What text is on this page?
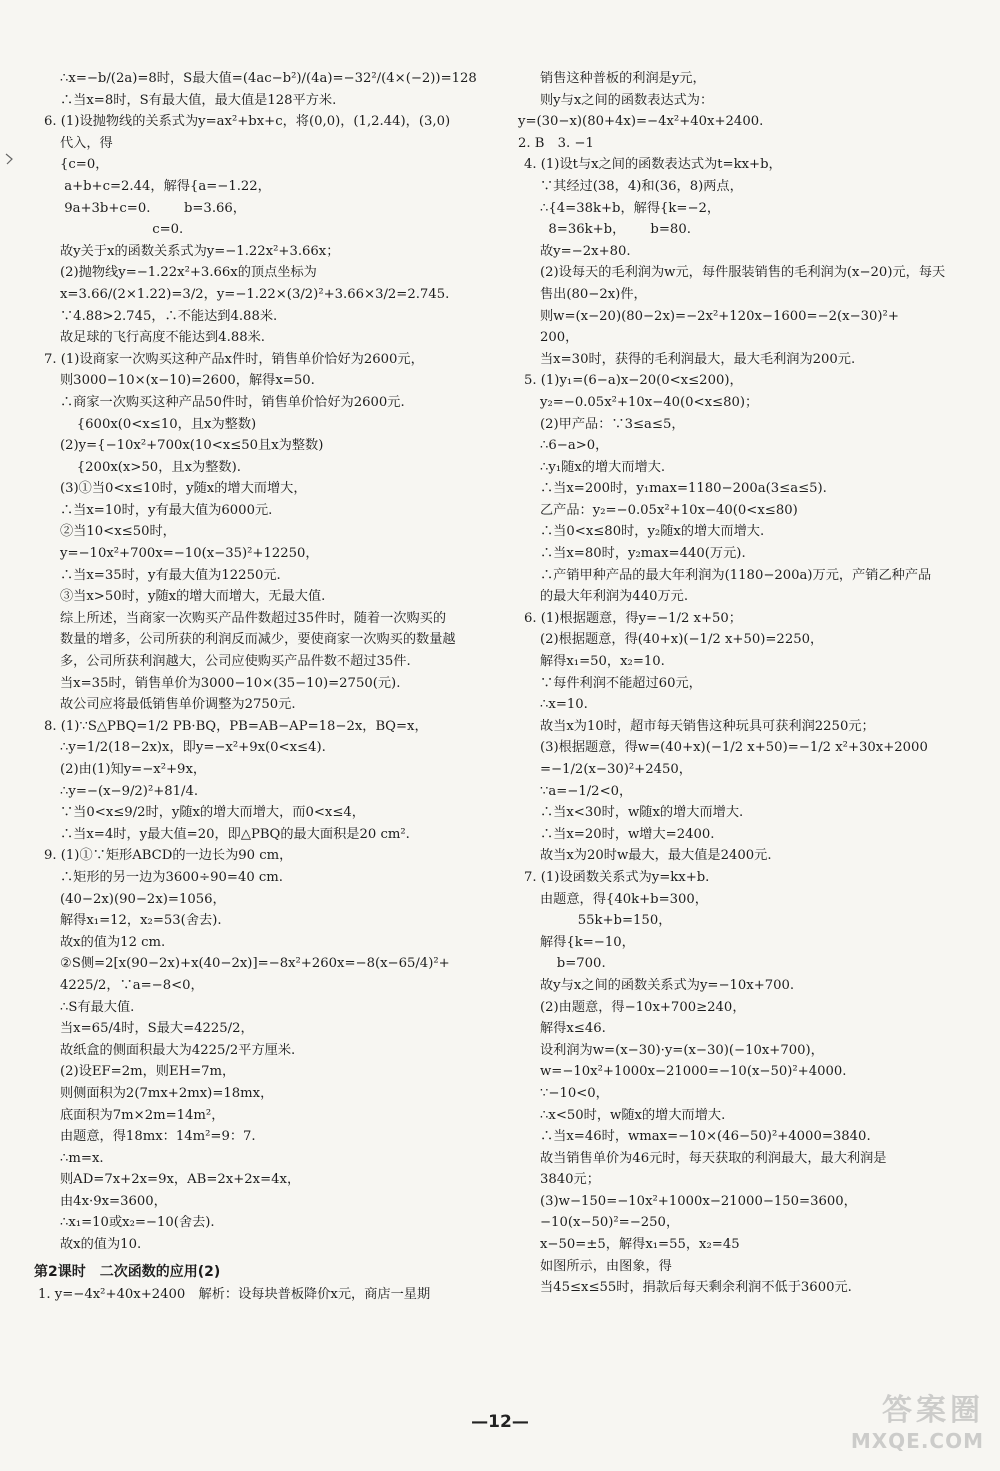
∴x=−b/(2a)=8时，S最大值=(4ac−b²)/(4a)=−32²/(4×(−2))=128
∴当x=8时，S有最大值，最大值是128平方米.
6. (1)设抛物线的关系式为y=ax²+bx+c，将(0,0)，(1,2.44)，(3,0)
代入，得
{c=0，
a+b+c=2.44，解得{a=−1.22，
9a+3b+c=0.        b=3.66，
c=0.
故y关于x的函数关系式为y=−1.22x²+3.66x；
(2)抛物线y=−1.22x²+3.66x的顶点坐标为
x=3.66/(2×1.22)=3/2，y=−1.22×(3/2)²+3.66×3/2=2.745.
∵4.88>2.745，∴不能达到4.88米.
故足球的飞行高度不能达到4.88米.
7. (1)设商家一次购买这种产品x件时，销售单价恰好为2600元，
则3000−10×(x−10)=2600，解得x=50.
∴商家一次购买这种产品50件时，销售单价恰好为2600元.
{600x(0<x≤10，且x为整数)
(2)y={−10x²+700x(10<x≤50且x为整数)
{200x(x>50，且x为整数).
(3)①当0<x≤10时，y随x的增大而增大，
∴当x=10时，y有最大值为6000元.
②当10<x≤50时，
y=−10x²+700x=−10(x−35)²+12250，
∴当x=35时，y有最大值为12250元.
③当x>50时，y随x的增大而增大，无最大值.
综上所述，当商家一次购买产品件数超过35件时，随着一次购买的
数量的增多，公司所获的利润反而减少，要使商家一次购买的数量越
多，公司所获利润越大，公司应使购买产品件数不超过35件.
当x=35时，销售单价为3000−10×(35−10)=2750(元).
故公司应将最低销售单价调整为2750元.
8. (1)∵S△PBQ=1/2 PB·BQ，PB=AB−AP=18−2x，BQ=x，
∴y=1/2(18−2x)x，即y=−x²+9x(0<x≤4).
(2)由(1)知y=−x²+9x，
∴y=−(x−9/2)²+81/4.
∵当0<x≤9/2时，y随x的增大而增大，而0<x≤4，
∴当x=4时，y最大值=20，即△PBQ的最大面积是20 cm².
9. (1)①∵矩形ABCD的一边长为90 cm，
∴矩形的另一边为3600÷90=40 cm.
(40−2x)(90−2x)=1056，
解得x₁=12，x₂=53(舍去).
故x的值为12 cm.
②S侧=2[x(90−2x)+x(40−2x)]=−8x²+260x=−8(x−65/4)²+
4225/2，∵a=−8<0，
∴S有最大值.
当x=65/4时，S最大=4225/2，
故纸盒的侧面积最大为4225/2平方厘米.
(2)设EF=2m，则EH=7m，
则侧面积为2(7mx+2mx)=18mx，
底面积为7m×2m=14m²，
由题意，得18mx：14m²=9：7.
∴m=x.
则AD=7x+2x=9x，AB=2x+2x=4x，
由4x·9x=3600，
∴x₁=10或x₂=−10(舍去).
故x的值为10.
第2课时　二次函数的应用(2)
1. y=−4x²+40x+2400　解析：设每块普板降价x元，商店一星期
销售这种普板的利润是y元，
则y与x之间的函数表达式为：
y=(30−x)(80+4x)=−4x²+40x+2400.
2. B　3. −1
4. (1)设t与x之间的函数表达式为t=kx+b，
∵其经过(38，4)和(36，8)两点，
∴{4=38k+b，解得{k=−2，
8=36k+b，      b=80.
故y=−2x+80.
(2)设每天的毛利润为w元，每件服装销售的毛利润为(x−20)元，每天
售出(80−2x)件，
则w=(x−20)(80−2x)=−2x²+120x−1600=−2(x−30)²+
200，
当x=30时，获得的毛利润最大，最大毛利润为200元.
5. (1)y₁=(6−a)x−20(0<x≤200)，
y₂=−0.05x²+10x−40(0<x≤80)；
(2)甲产品：∵3≤a≤5，
∴6−a>0，
∴y₁随x的增大而增大.
∴当x=200时，y₁max=1180−200a(3≤a≤5).
乙产品：y₂=−0.05x²+10x−40(0<x≤80)
∴当0<x≤80时，y₂随x的增大而增大.
∴当x=80时，y₂max=440(万元).
∴产销甲种产品的最大年利润为(1180−200a)万元，产销乙种产品
的最大年利润为440万元.
6. (1)根据题意，得y=−1/2 x+50；
(2)根据题意，得(40+x)(−1/2 x+50)=2250，
解得x₁=50，x₂=10.
∵每件利润不能超过60元，
∴x=10.
故当x为10时，超市每天销售这种玩具可获利润2250元；
(3)根据题意，得w=(40+x)(−1/2 x+50)=−1/2 x²+30x+2000
=−1/2(x−30)²+2450，
∵a=−1/2<0，
∴当x<30时，w随x的增大而增大.
∴当x=20时，w增大=2400.
故当x为20时w最大，最大值是2400元.
7. (1)设函数关系式为y=kx+b.
由题意，得{40k+b=300，
55k+b=150，
解得{k=−10，
b=700.
故y与x之间的函数关系式为y=−10x+700.
(2)由题意，得−10x+700≥240，
解得x≤46.
设利润为w=(x−30)·y=(x−30)(−10x+700)，
w=−10x²+1000x−21000=−10(x−50)²+4000.
∵−10<0，
∴x<50时，w随x的增大而增大.
∴当x=46时，wmax=−10×(46−50)²+4000=3840.
故当销售单价为46元时，每天获取的利润最大，最大利润是
3840元；
(3)w−150=−10x²+1000x−21000−150=3600，
−10(x−50)²=−250，
x−50=±5，解得x₁=55，x₂=45
如图所示，由图象，得
当45≤x≤55时，捐款后每天剩余利润不低于3600元.
—12—	答案圈
MXQE.COM
